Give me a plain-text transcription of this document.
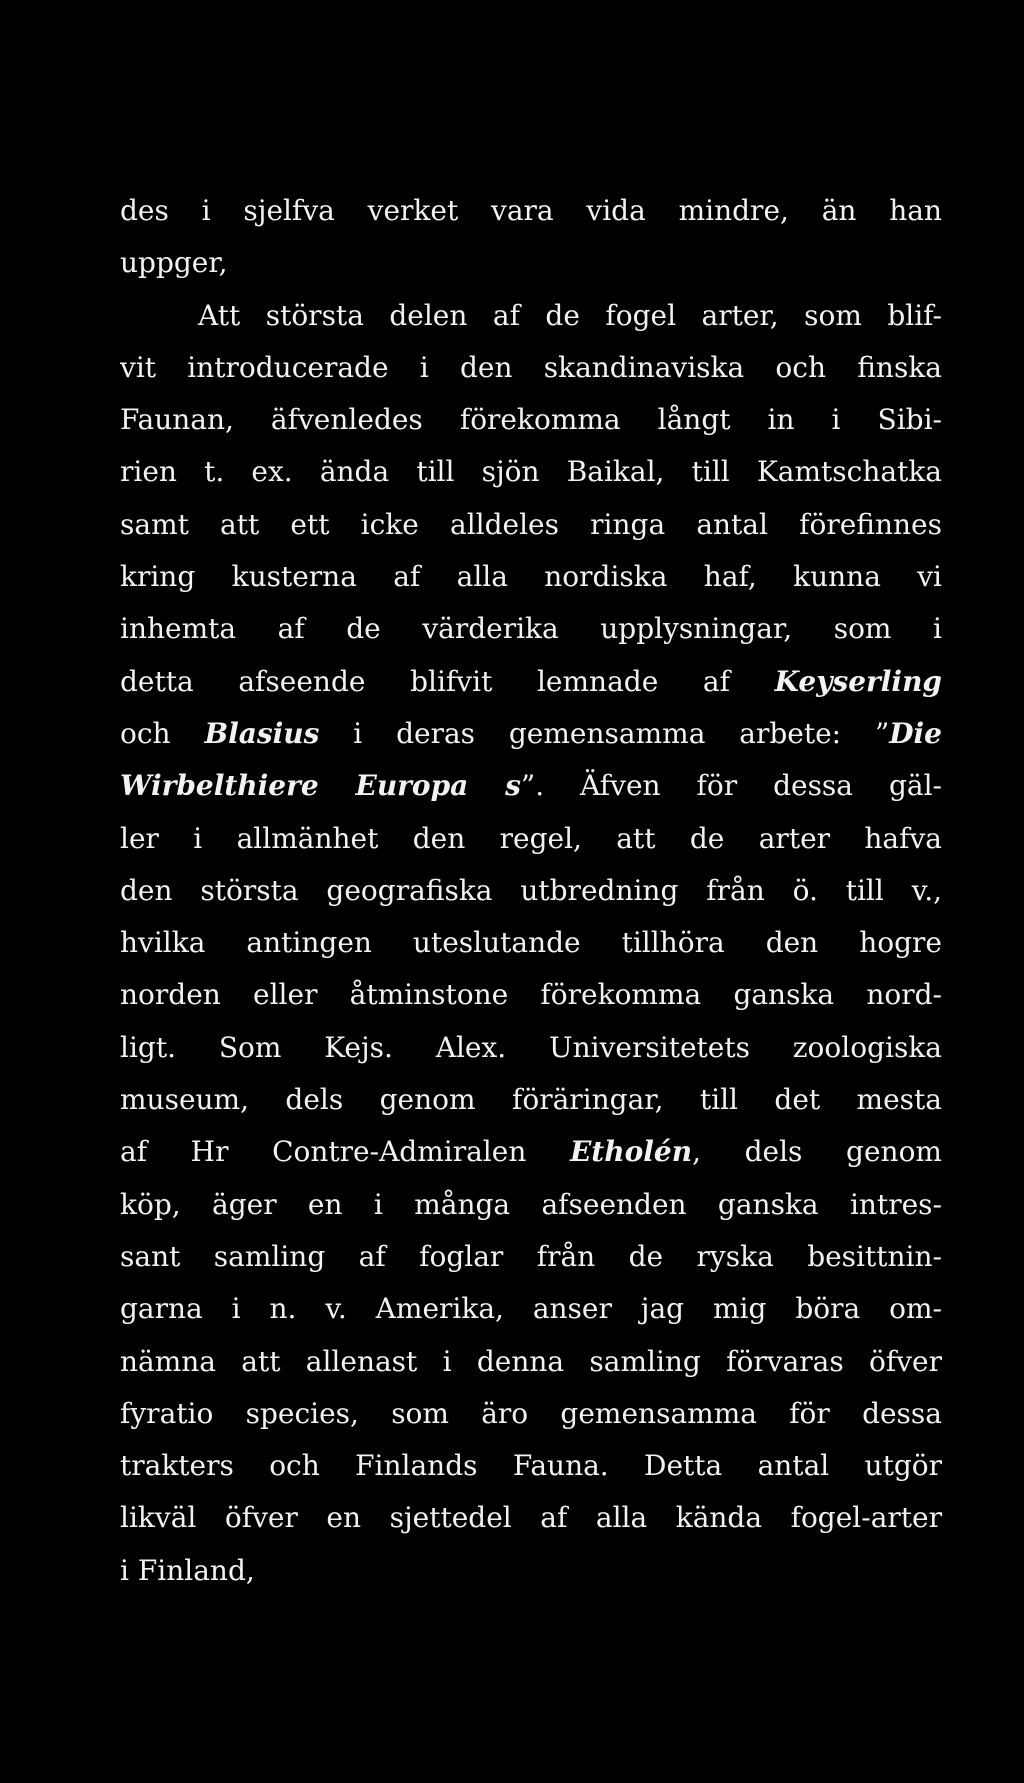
des i sjelfva verket vara vida mindre, än han
uppger,
Att största delen af de fogel arter, som blif-
vit introducerade i den skandinaviska och finska
Faunan, äfvenledes förekomma långt in i Sibi-
rien t. ex. ända till sjön Baikal, till Kamtschatka
samt att ett icke alldeles ringa antal förefinnes
kring kusterna af alla nordiska haf, kunna vi
inhemta af de värderika upplysningar, som i
detta afseende blifvit lemnade af Keyserling
och Blasius i deras gemensamma arbete: ”Die
Wirbelthiere Europa s”. Äfven för dessa gäl-
ler i allmänhet den regel, att de arter hafva
den största geografiska utbredning från ö. till v.,
hvilka antingen uteslutande tillhöra den hogre
norden eller åtminstone förekomma ganska nord-
ligt. Som Kejs. Alex. Universitetets zoologiska
museum, dels genom föräringar, till det mesta
af Hr Contre-Admiralen Etholén, dels genom
köp, äger en i många afseenden ganska intres-
sant samling af foglar från de ryska besittnin-
garna i n. v. Amerika, anser jag mig böra om-
nämna att allenast i denna samling förvaras öfver
fyratio species, som äro gemensamma för dessa
trakters och Finlands Fauna. Detta antal utgör
likväl öfver en sjettedel af alla kända fogel-arter
i Finland,
